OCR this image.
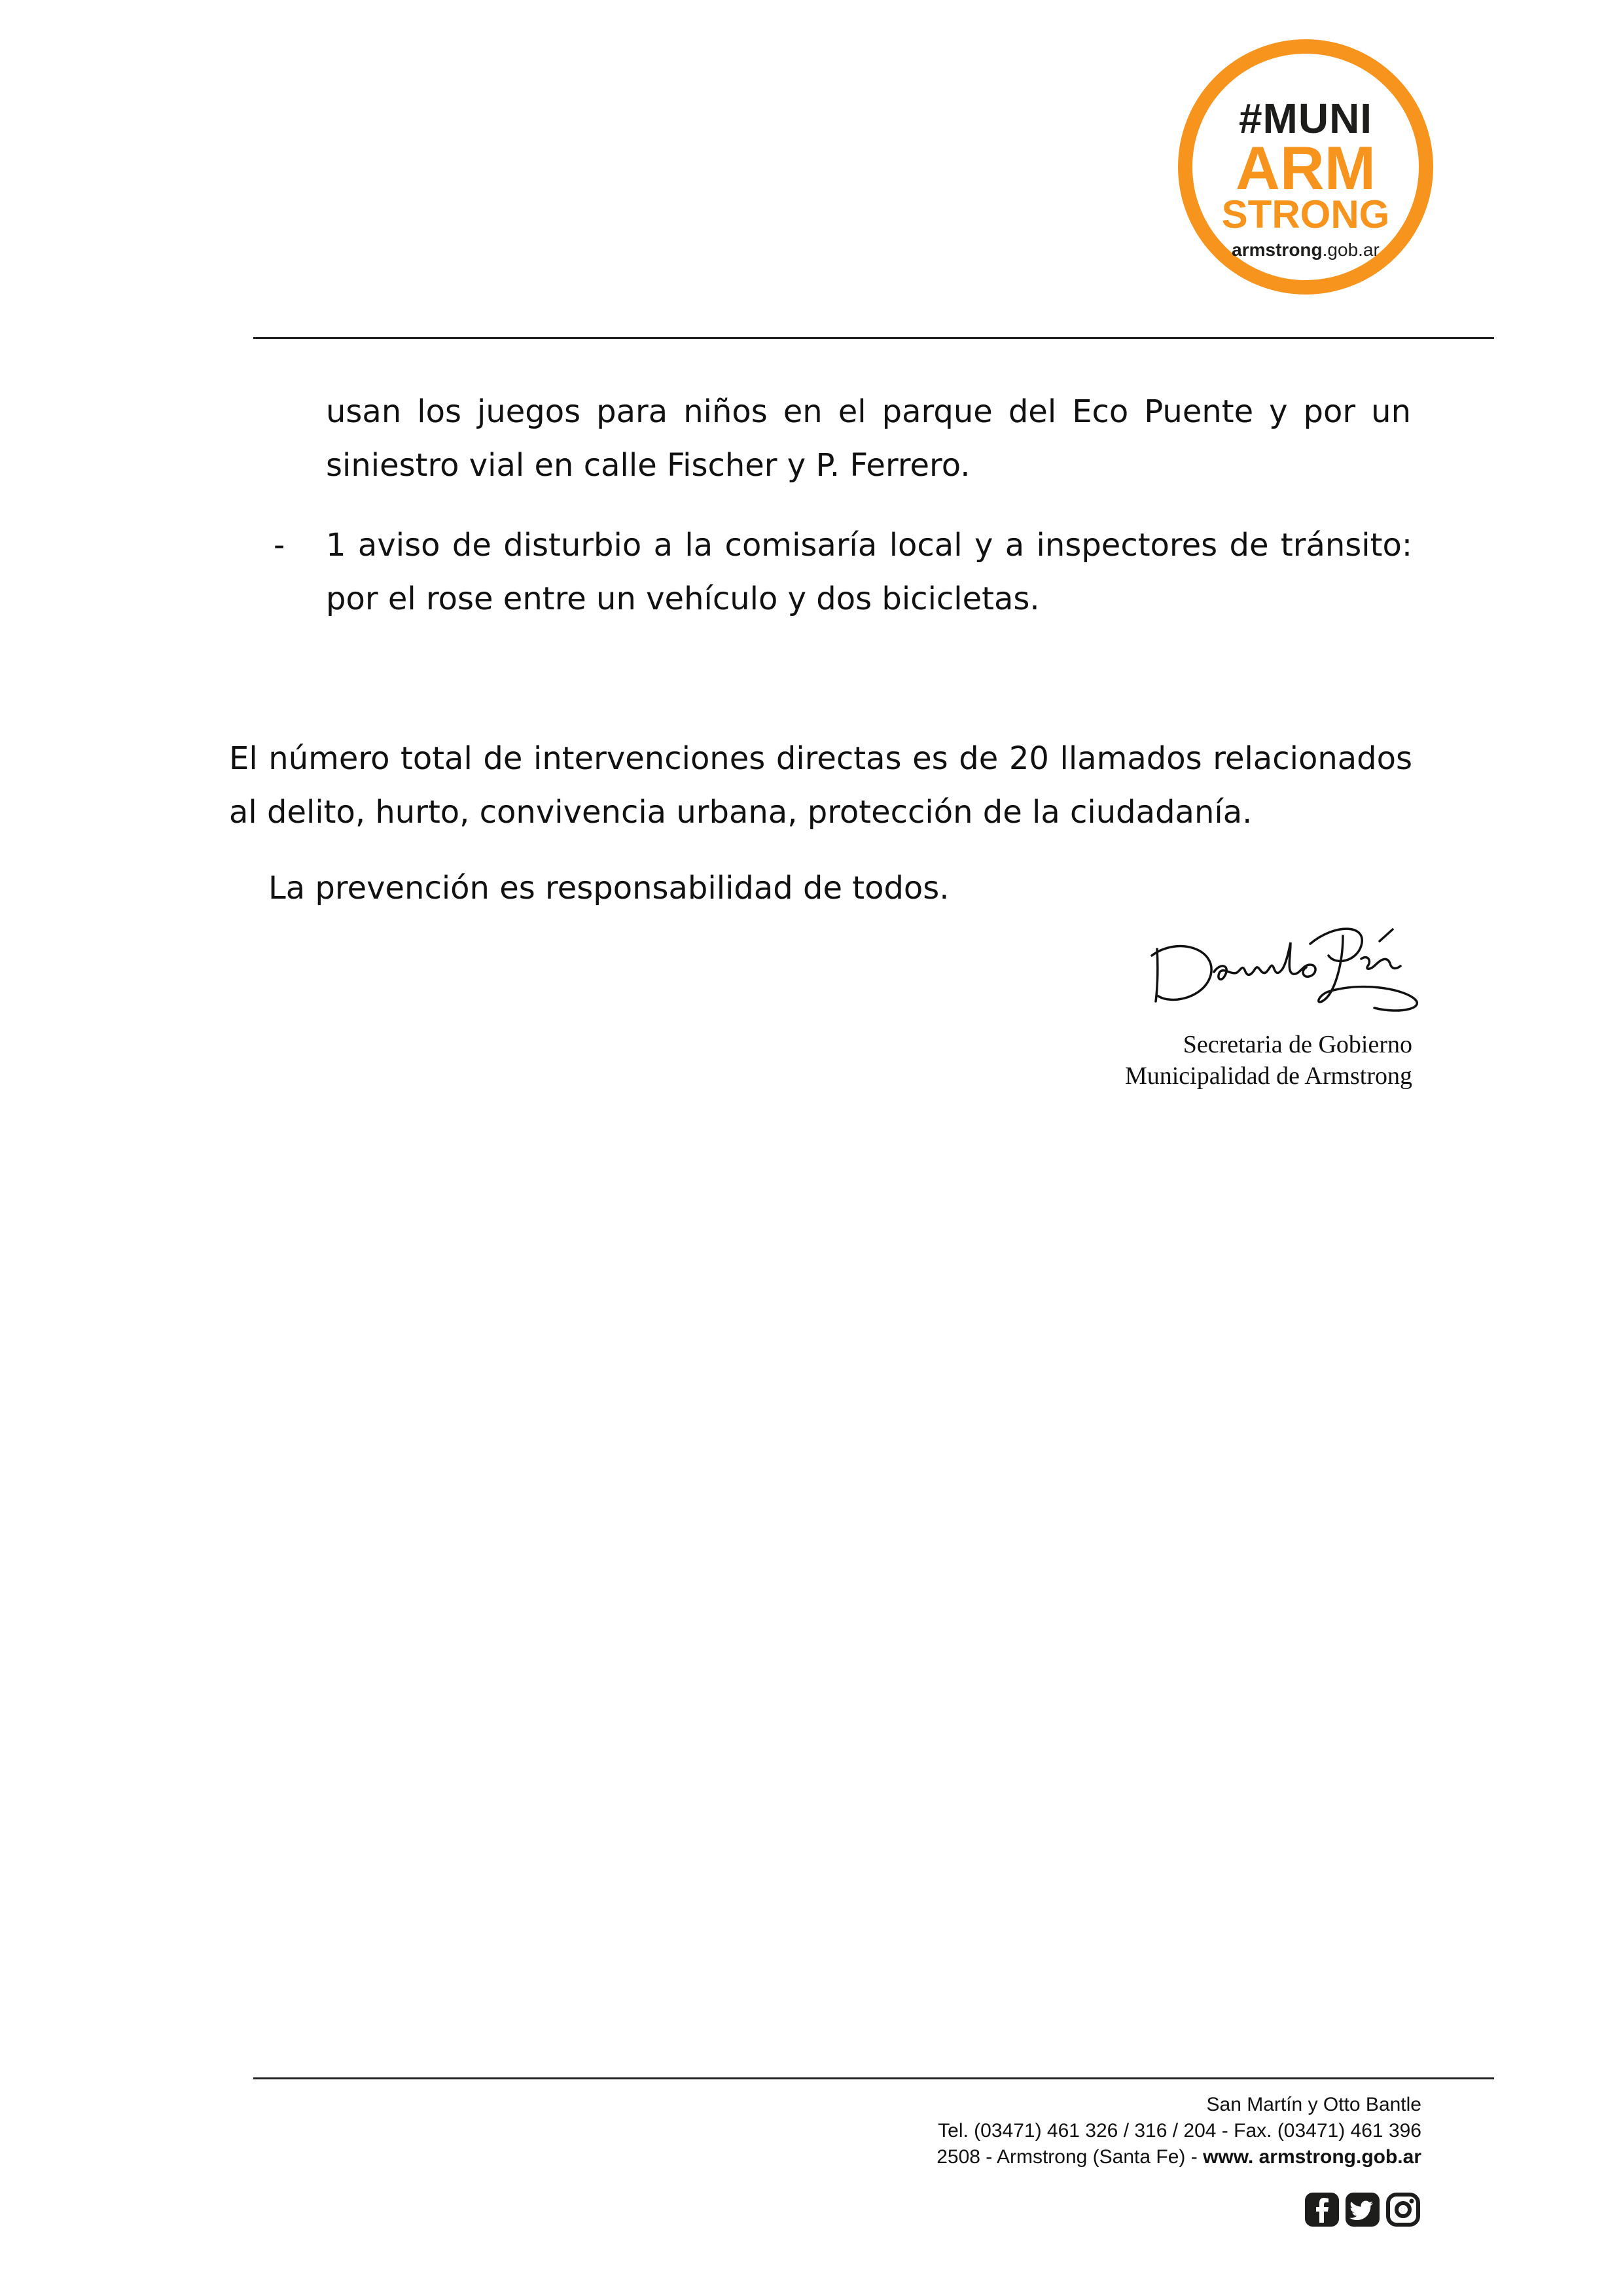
#MUNI
ARM
STRONG
armstrong.gob.ar

usan los juegos para niños en el parque del Eco Puente y por un siniestro vial en calle Fischer y P. Ferrero.

-	1 aviso de disturbio a la comisaría local y a inspectores de tránsito: por el rose entre un vehículo y dos bicicletas.

El número total de intervenciones directas es de 20 llamados relacionados al delito, hurto, convivencia urbana, protección de la ciudadanía.

La prevención es responsabilidad de todos.

Secretaria de Gobierno
Municipalidad de Armstrong
San Martín y Otto Bantle
Tel. (03471) 461 326 / 316 / 204 - Fax. (03471) 461 396
2508 - Armstrong (Santa Fe) - www. armstrong.gob.ar
